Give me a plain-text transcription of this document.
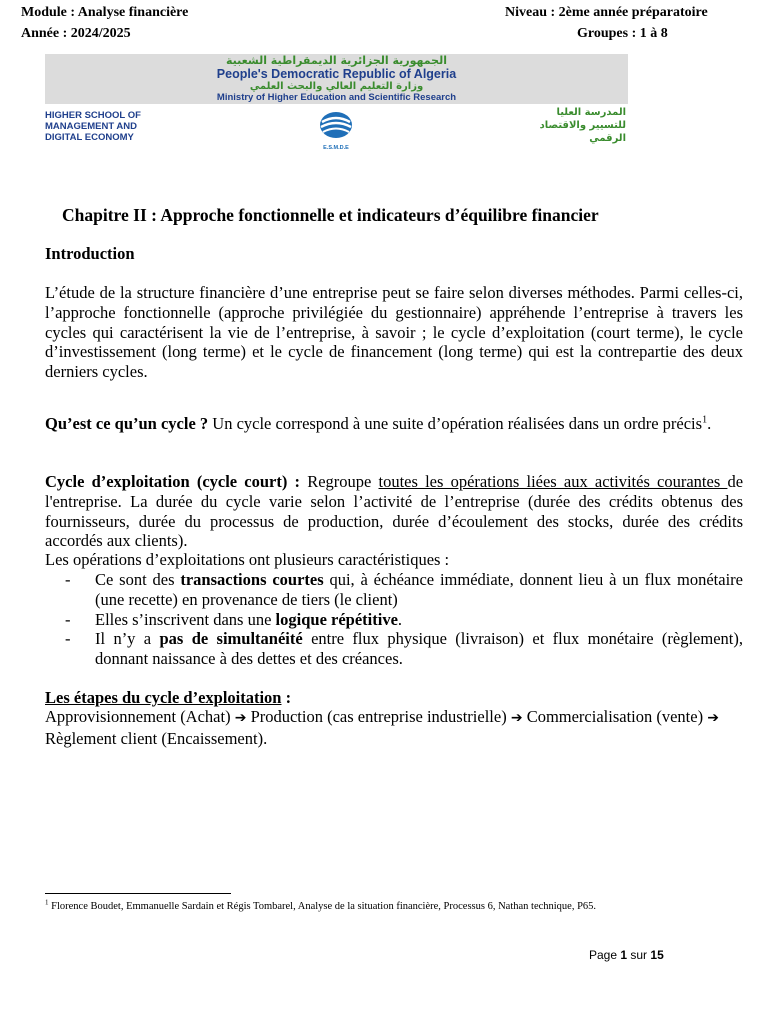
Module : Analyse financière	Niveau : 2ème année préparatoire
Année : 2024/2025	Groupes : 1 à 8
الجمهورية الجزائرية الديمقراطية الشعبية
People's Democratic Republic of Algeria
وزارة التعليم العالي والبحث العلمي
Ministry of Higher Education and Scientific Research
HIGHER SCHOOL OF
MANAGEMENT AND
DIGITAL ECONOMY
E.S.M.D.E
المدرسة العليا
للتسيير والاقتصاد
الرقمي
Chapitre II : Approche fonctionnelle et indicateurs d’équilibre financier
Introduction
L’étude de la structure financière d’une entreprise peut se faire selon diverses méthodes. Parmi celles-ci, l’approche fonctionnelle (approche privilégiée du gestionnaire) appréhende l’entreprise à travers les cycles qui caractérisent la vie de l’entreprise, à savoir ; le cycle d’exploitation (court terme), le cycle d’investissement (long terme) et le cycle de financement (long terme) qui est la contrepartie des deux derniers cycles.
Qu’est ce qu’un cycle ? Un cycle correspond à une suite d’opération réalisées dans un ordre précis$^1$.
Cycle d’exploitation (cycle court) : Regroupe toutes les opérations liées aux activités courantes de l'entreprise. La durée du cycle varie selon l’activité de l’entreprise (durée des crédits obtenus des fournisseurs, durée du processus de production, durée d’écoulement des stocks, durée des crédits accordés aux clients).
Les opérations d’exploitations ont plusieurs caractéristiques :
- Ce sont des transactions courtes qui, à échéance immédiate, donnent lieu à un flux monétaire (une recette) en provenance de tiers (le client)
- Elles s’inscrivent dans une logique répétitive.
- Il n’y a pas de simultanéité entre flux physique (livraison) et flux monétaire (règlement), donnant naissance à des dettes et des créances.
Les étapes du cycle d’exploitation :
Approvisionnement (Achat) ➔ Production (cas entreprise industrielle) ➔ Commercialisation (vente) ➔ Règlement client (Encaissement).
$^1$ Florence Boudet, Emmanuelle Sardain et Régis Tombarel, Analyse de la situation financière, Processus 6, Nathan technique, P65.
Page 1 sur 15
